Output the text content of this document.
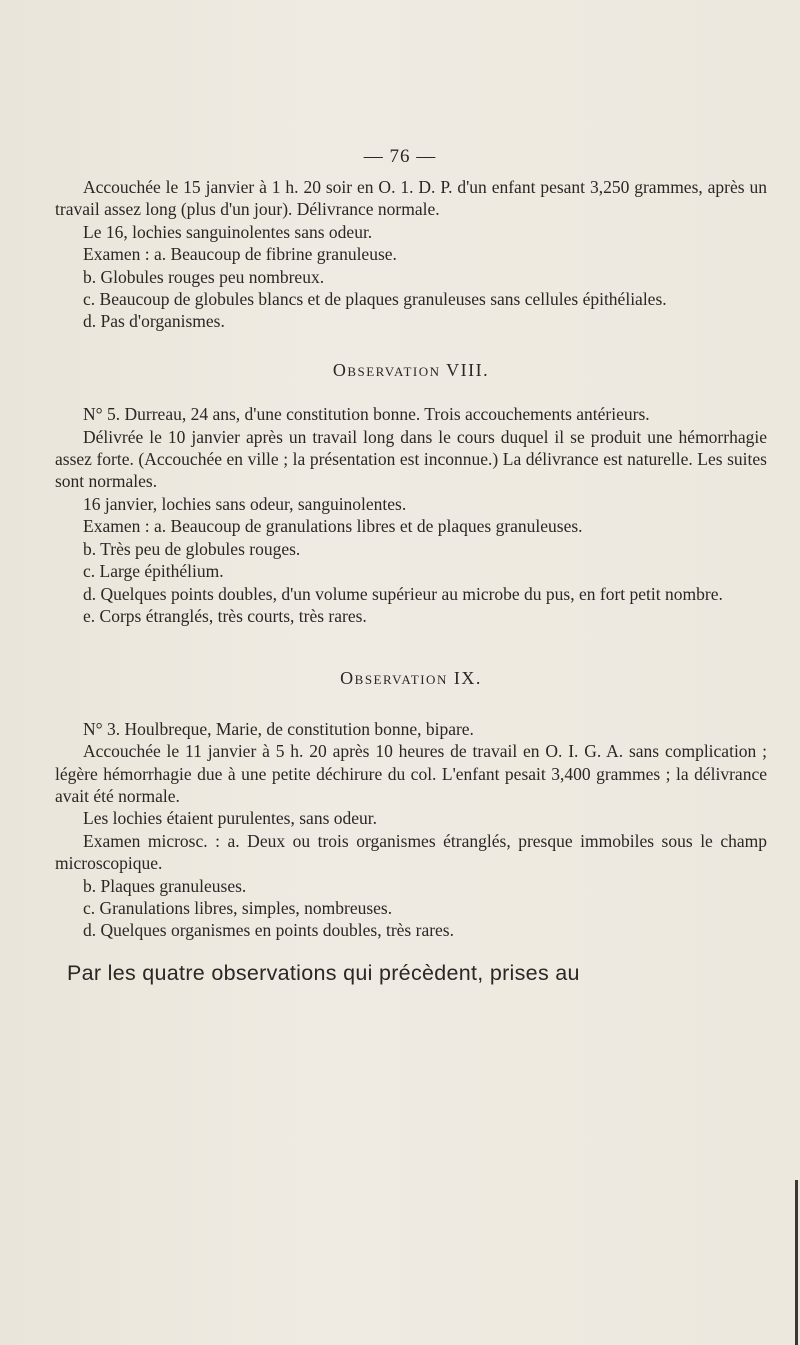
— 76 —

Accouchée le 15 janvier à 1 h. 20 soir en O. 1. D. P. d'un enfant pesant 3,250 grammes, après un travail assez long (plus d'un jour). Délivrance normale.

Le 16, lochies sanguinolentes sans odeur.

Examen : a. Beaucoup de fibrine granuleuse.

b. Globules rouges peu nombreux.

c. Beaucoup de globules blancs et de plaques granuleuses sans cellules épithéliales.

d. Pas d'organismes.

Observation VIII.

N° 5. Durreau, 24 ans, d'une constitution bonne. Trois accouchements antérieurs.

Délivrée le 10 janvier après un travail long dans le cours duquel il se produit une hémorrhagie assez forte. (Accouchée en ville ; la présentation est inconnue.) La délivrance est naturelle. Les suites sont normales.

16 janvier, lochies sans odeur, sanguinolentes.

Examen : a. Beaucoup de granulations libres et de plaques granuleuses.

b. Très peu de globules rouges.

c. Large épithélium.

d. Quelques points doubles, d'un volume supérieur au microbe du pus, en fort petit nombre.

e. Corps étranglés, très courts, très rares.

Observation IX.

N° 3. Houlbreque, Marie, de constitution bonne, bipare.

Accouchée le 11 janvier à 5 h. 20 après 10 heures de travail en O. I. G. A. sans complication ; légère hémorrhagie due à une petite déchirure du col. L'enfant pesait 3,400 grammes ; la délivrance avait été normale.

Les lochies étaient purulentes, sans odeur.

Examen microsc. : a. Deux ou trois organismes étranglés, presque immobiles sous le champ microscopique.

b. Plaques granuleuses.

c. Granulations libres, simples, nombreuses.

d. Quelques organismes en points doubles, très rares.

Par les quatre observations qui précèdent, prises au
